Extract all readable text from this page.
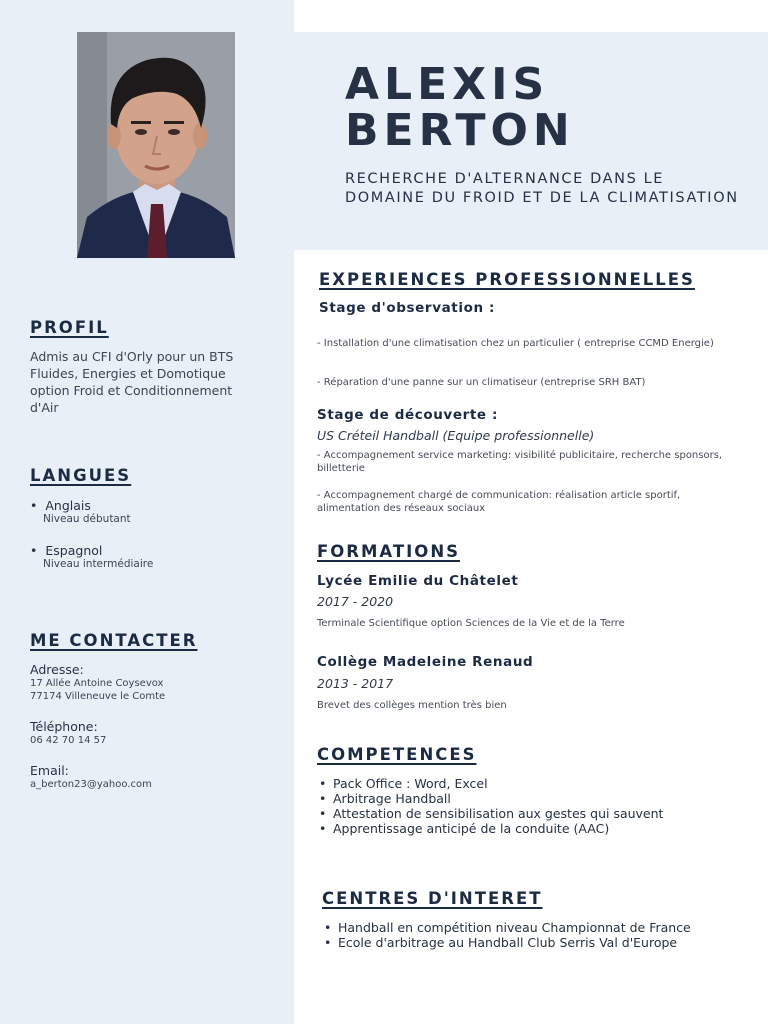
ALEXIS
BERTON

RECHERCHE D'ALTERNANCE DANS LE DOMAINE DU FROID ET DE LA CLIMATISATION

PROFIL

Admis au CFI d'Orly pour un BTS Fluides, Energies et Domotique option Froid et Conditionnement d'Air

LANGUES
• Anglais
Niveau débutant
• Espagnol
Niveau intermédiaire
ME CONTACTER
Adresse:
17 Allée Antoine Coysevox
77174 Villeneuve le Comte
Téléphone:
06 42 70 14 57
Email:
a_berton23@yahoo.com
EXPERIENCES PROFESSIONNELLES
Stage d'observation :

- Installation d'une climatisation chez un particulier ( entreprise CCMD Energie)

- Réparation d'une panne sur un climatiseur (entreprise SRH BAT)

Stage de découverte :

US Créteil Handball (Equipe professionnelle)

- Accompagnement service marketing: visibilité publicitaire, recherche sponsors, billetterie

- Accompagnement chargé de communication: réalisation article sportif, alimentation des réseaux sociaux

FORMATIONS
Lycée Emilie du Châtelet

2017 - 2020

Terminale Scientifique option Sciences de la Vie et de la Terre

Collège Madeleine Renaud

2013 - 2017

Brevet des collèges mention très bien

COMPETENCES
• Pack Office : Word, Excel
• Arbitrage Handball
• Attestation de sensibilisation aux gestes qui sauvent
• Apprentissage anticipé de la conduite (AAC)
CENTRES D'INTERET
• Handball en compétition niveau Championnat de France
• Ecole d'arbitrage au Handball Club Serris Val d'Europe
